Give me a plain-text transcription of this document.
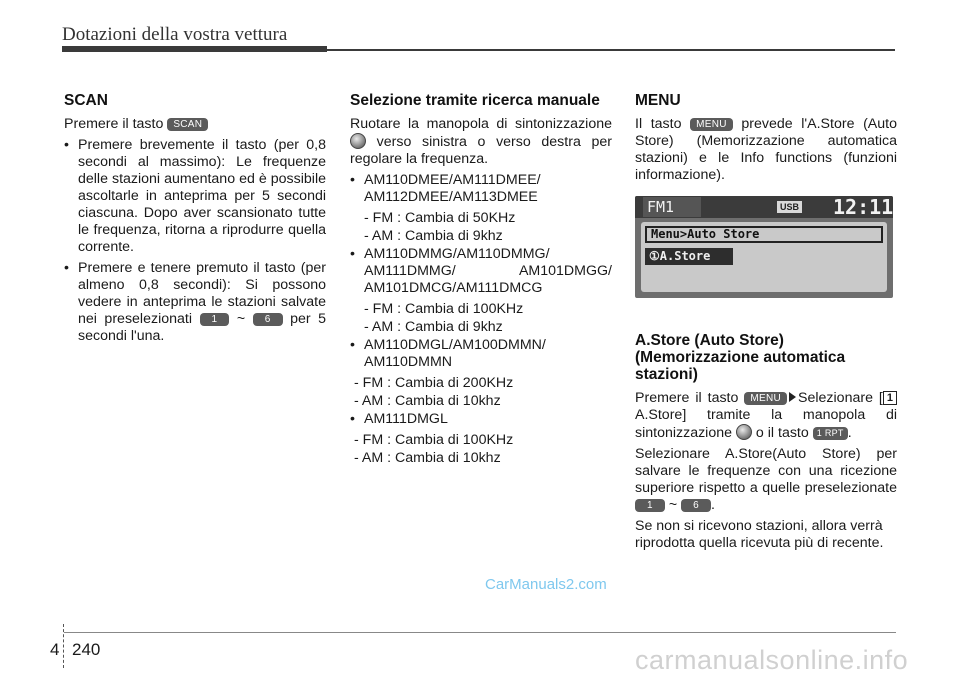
Dotazioni della vostra vettura
SCAN

Premere il tasto SCAN

• Premere brevemente il tasto (per 0,8 secondi al massimo): Le frequenze delle stazioni aumentano ed è possibile ascoltarle in anteprima per 5 secondi ciascuna. Dopo aver scansionato tutte le frequenza, ritorna a riprodurre quella corrente.
• Premere e tenere premuto il tasto (per almeno 0,8 secondi): Si possono vedere in anteprima le stazioni salvate nei preselezionati 1 ~ 6 per 5 secondi l'una.
Selezione tramite ricerca manuale

Ruotare la manopola di sintonizzazione  verso sinistra o verso destra per regolare la frequenza.

• AM110DMEE/AM111DMEE/ AM112DMEE/AM113DMEE
- FM : Cambia di 50KHz
- AM : Cambia di 9khz
• AM110DMMG/AM110DMMG/ AM111DMMG/ AM101DMGG/ AM101DMCG/AM111DMCG
- FM : Cambia di 100KHz
- AM : Cambia di 9khz
• AM110DMGL/AM100DMMN/ AM110DMMN
- FM : Cambia di 200KHz
- AM : Cambia di 10khz
• AM111DMGL
- FM : Cambia di 100KHz
- AM : Cambia di 10khz
MENU

Il tasto MENU prevede l'A.Store (Auto Store) (Memorizzazione automatica stazioni) e le Info functions (funzioni informazione).

FM1	USB 12:11
Menu>Auto Store
①A.Store
A.Store (Auto Store) (Memorizzazione automatica stazioni)

Premere il tasto MENU Selezionare [ 1A.Store] tramite la manopola di sintonizzazione o il tasto 1 RPT .

Selezionare A.Store(Auto Store) per salvare le frequenze con una ricezione superiore rispetto a quelle preselezionate 1 ~ 6 .

Se non si ricevono stazioni, allora verrà riprodotta quella ricevuta più di recente.

CarManuals2.com
4 240	carmanualsonline.info
